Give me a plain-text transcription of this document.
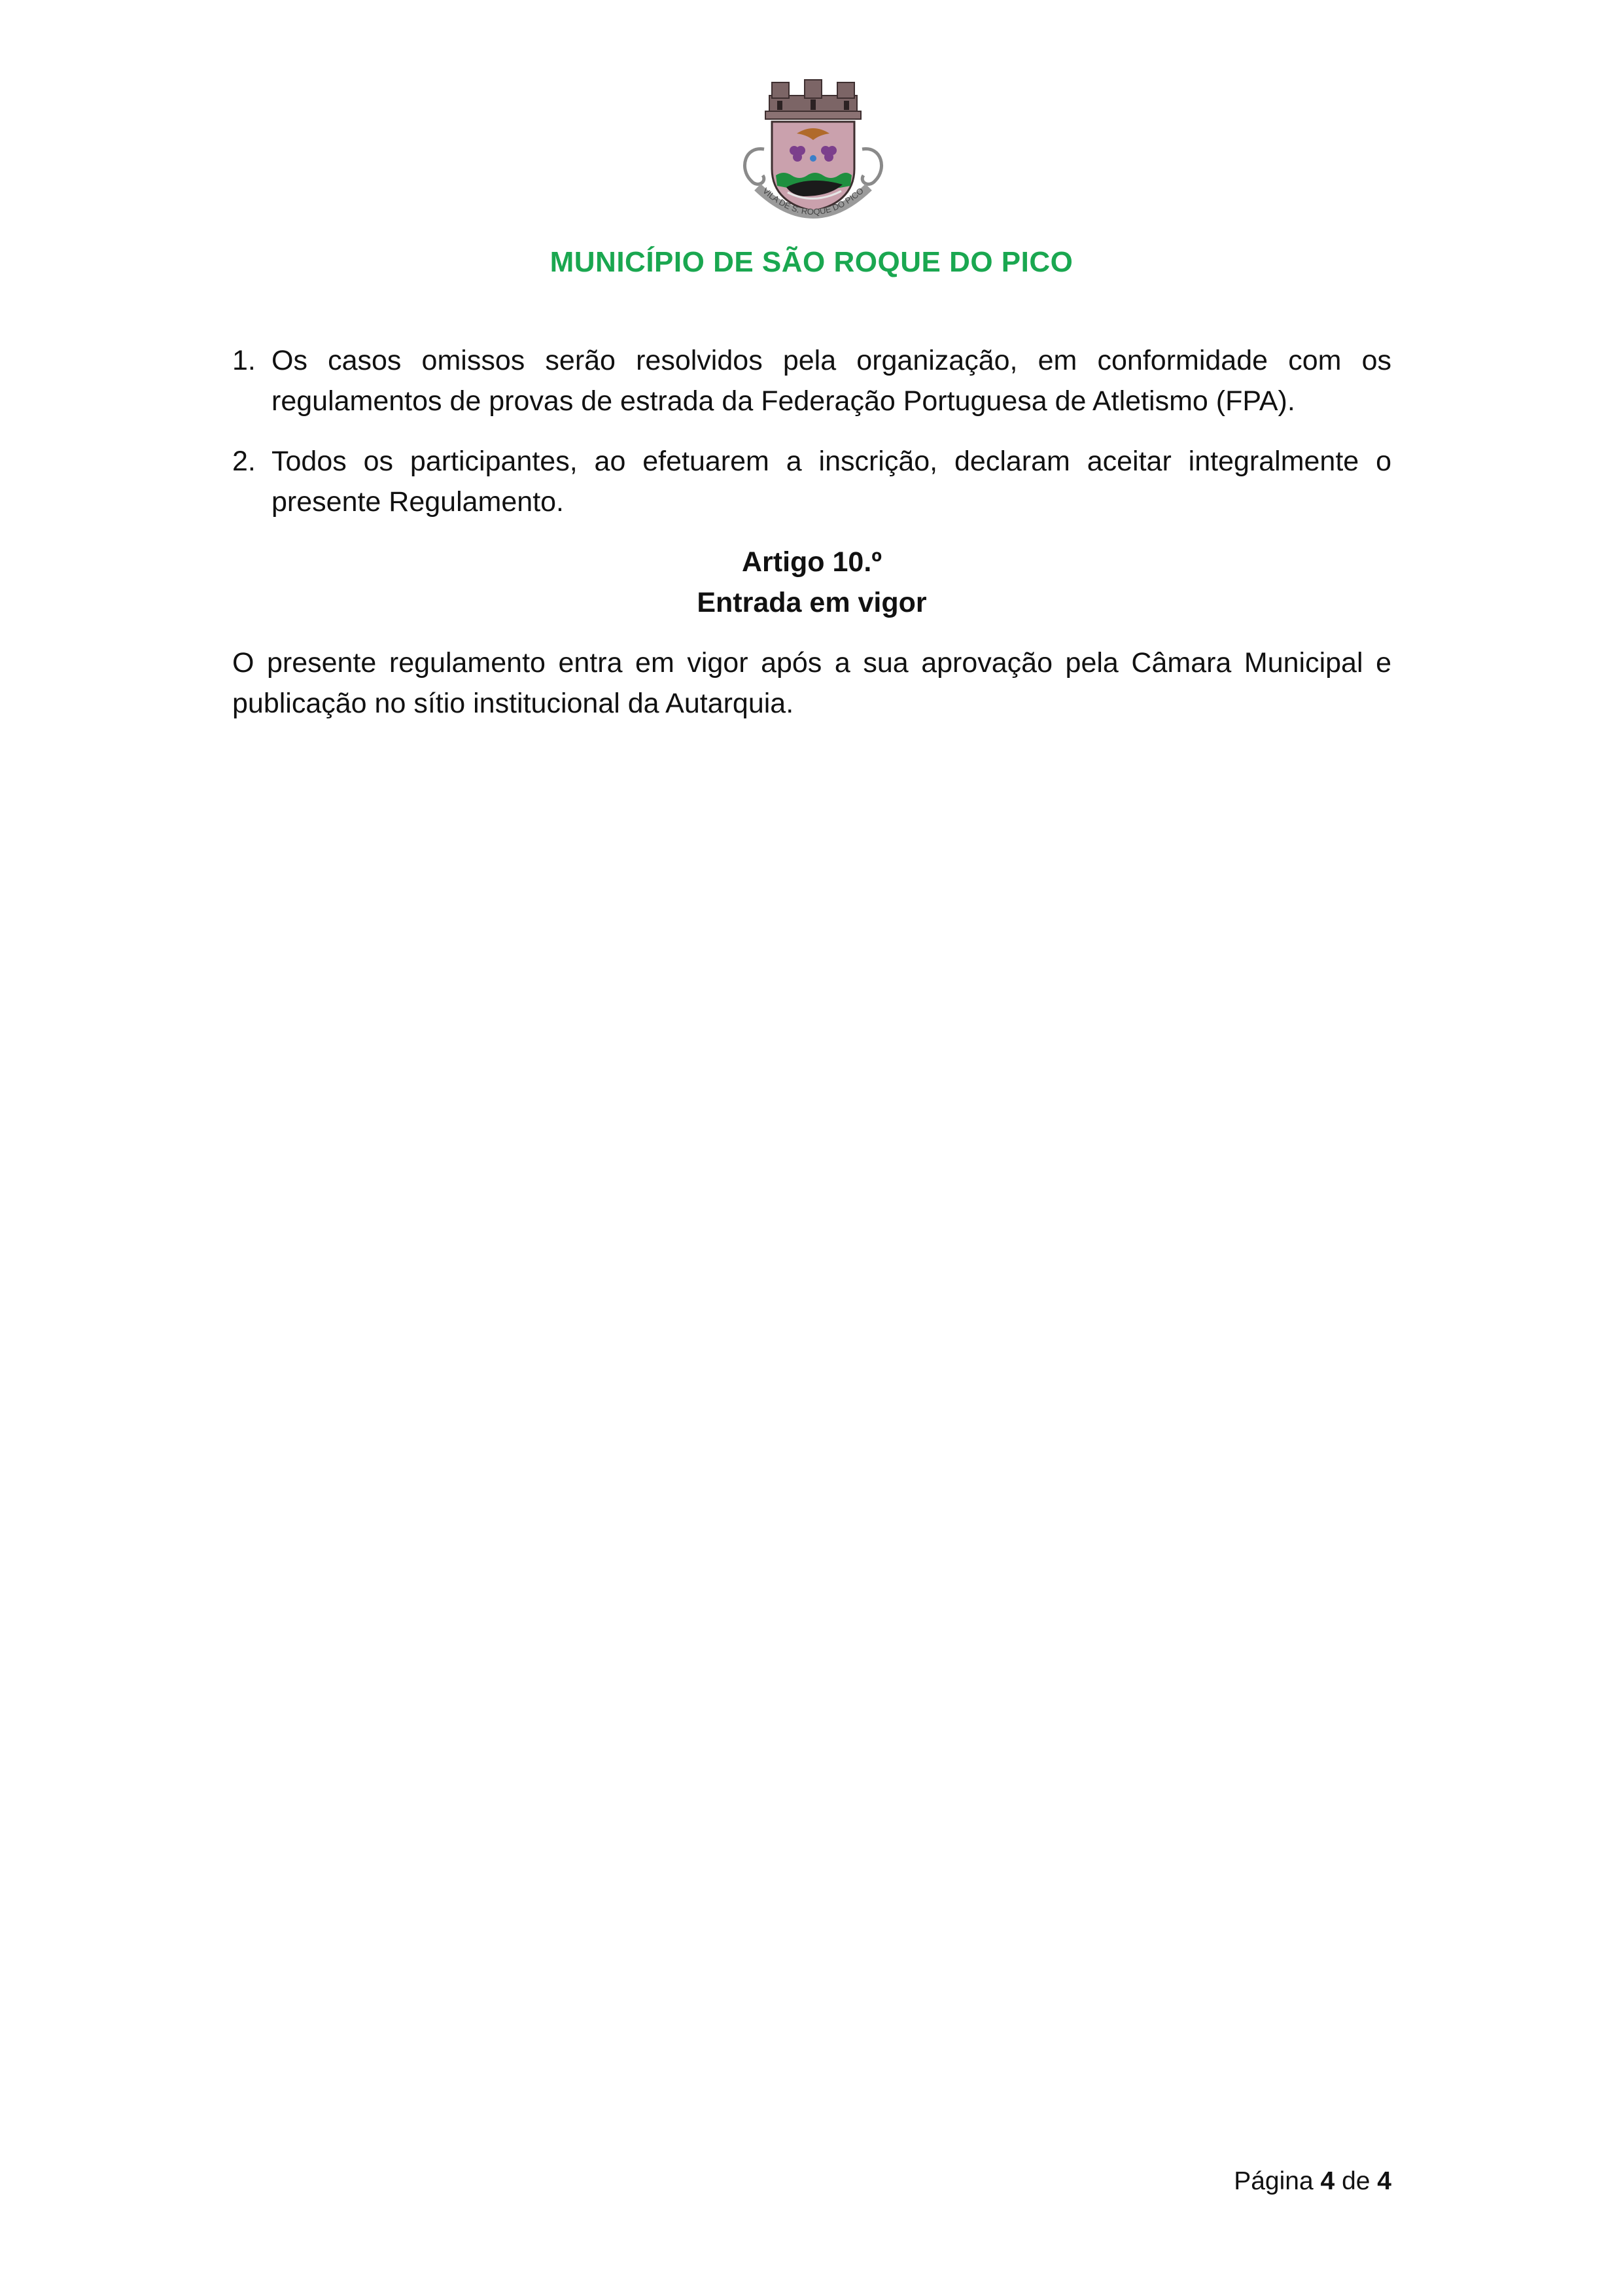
VILA DE S. ROQUE DO PICO
MUNICÍPIO DE SÃO ROQUE DO PICO
1. Os casos omissos serão resolvidos pela organização, em conformidade com os regulamentos de provas de estrada da Federação Portuguesa de Atletismo (FPA).
2. Todos os participantes, ao efetuarem a inscrição, declaram aceitar integralmente o presente Regulamento.
Artigo 10.º
Entrada em vigor
O presente regulamento entra em vigor após a sua aprovação pela Câmara Municipal e publicação no sítio institucional da Autarquia.
Página 4 de 4
